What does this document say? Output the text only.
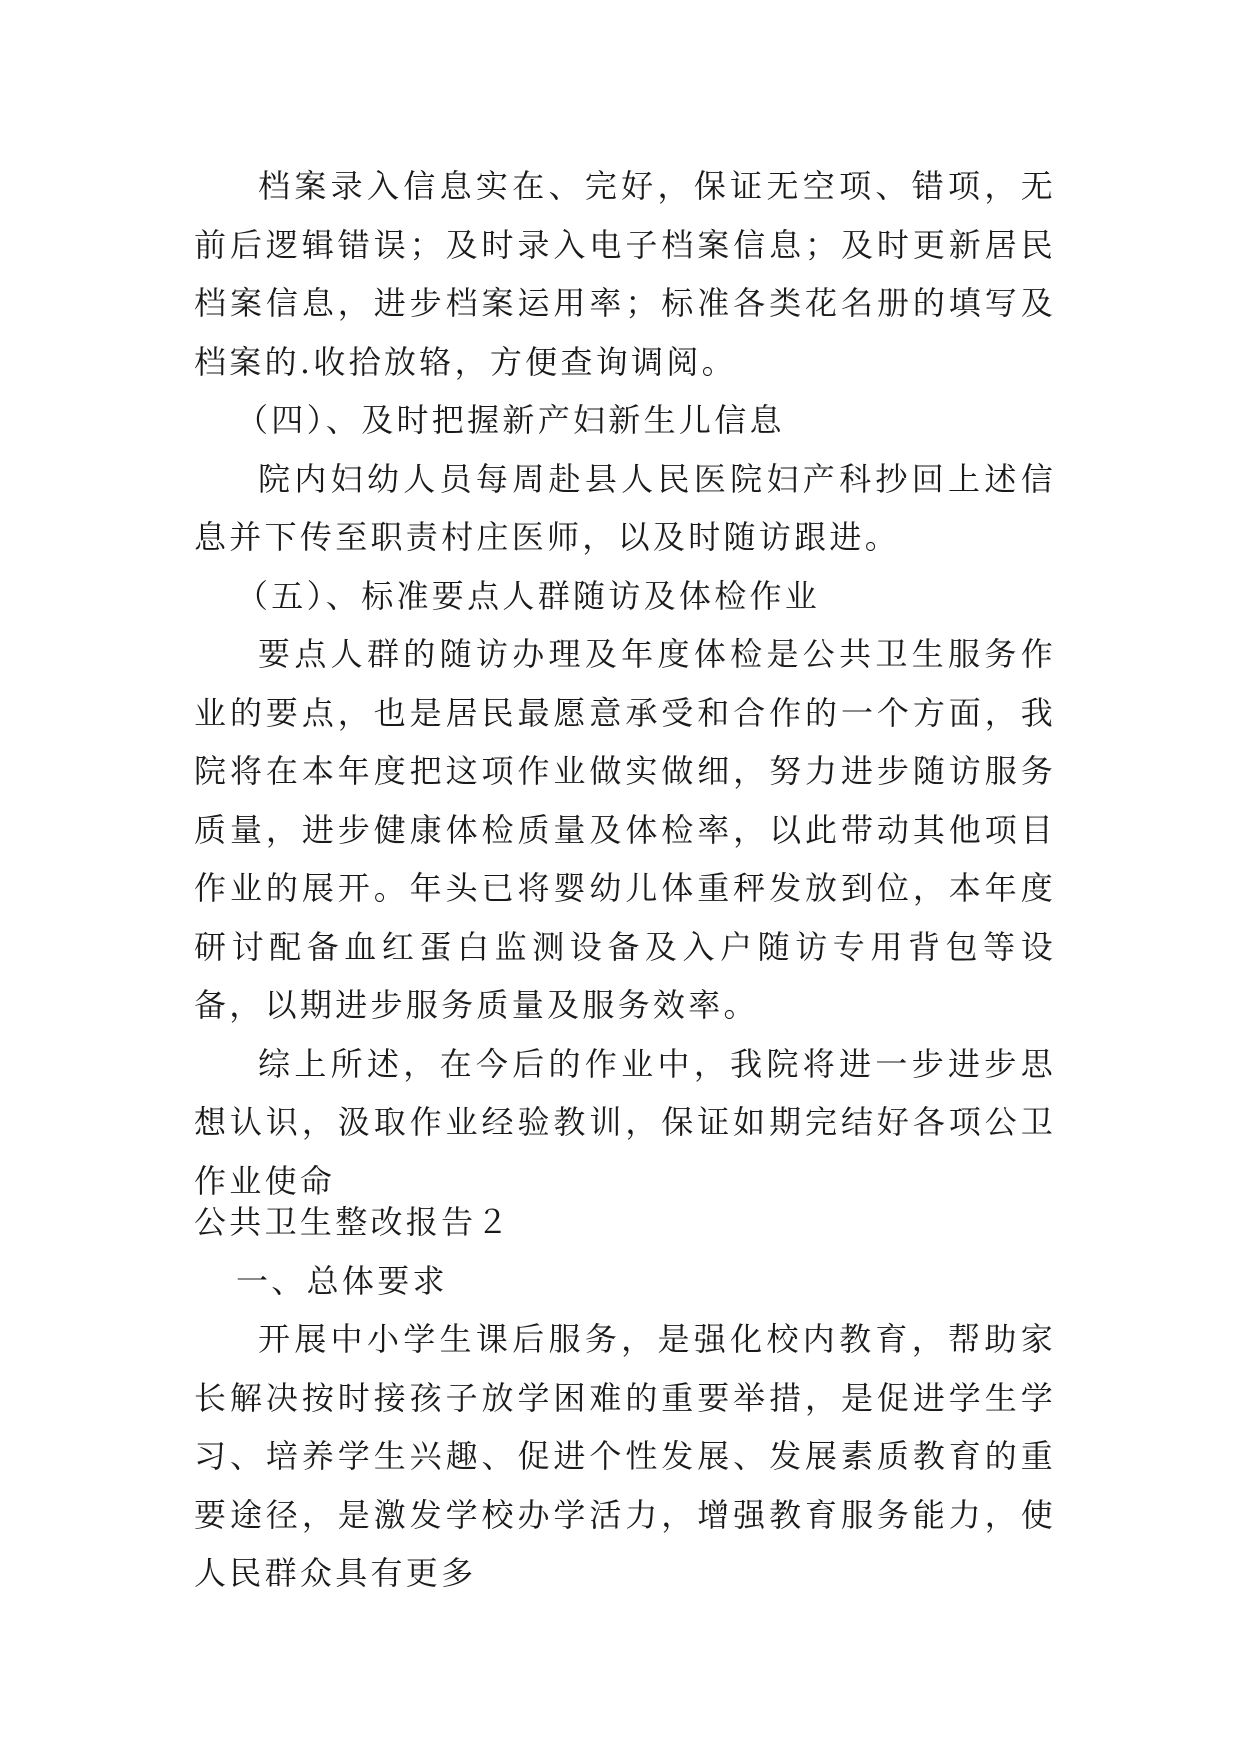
档案录入信息实在、完好，保证无空项、错项，无前后逻辑错误；及时录入电子档案信息；及时更新居民档案信息，进步档案运用率；标准各类花名册的填写及档案的.收拾放辂，方便查询调阅。

（四）、及时把握新产妇新生儿信息

院内妇幼人员每周赴县人民医院妇产科抄回上述信息并下传至职责村庄医师，以及时随访跟进。

（五）、标准要点人群随访及体检作业

要点人群的随访办理及年度体检是公共卫生服务作业的要点，也是居民最愿意承受和合作的一个方面，我院将在本年度把这项作业做实做细，努力进步随访服务质量，进步健康体检质量及体检率，以此带动其他项目作业的展开。年头已将婴幼儿体重秤发放到位，本年度研讨配备血红蛋白监测设备及入户随访专用背包等设备，以期进步服务质量及服务效率。

综上所述，在今后的作业中，我院将进一步进步思想认识，汲取作业经验教训，保证如期完结好各项公卫作业使命

公共卫生整改报告２

一、总体要求

开展中小学生课后服务，是强化校内教育，帮助家长解决按时接孩子放学困难的重要举措，是促进学生学习、培养学生兴趣、促进个性发展、发展素质教育的重要途径，是激发学校办学活力，增强教育服务能力，使人民群众具有更多
